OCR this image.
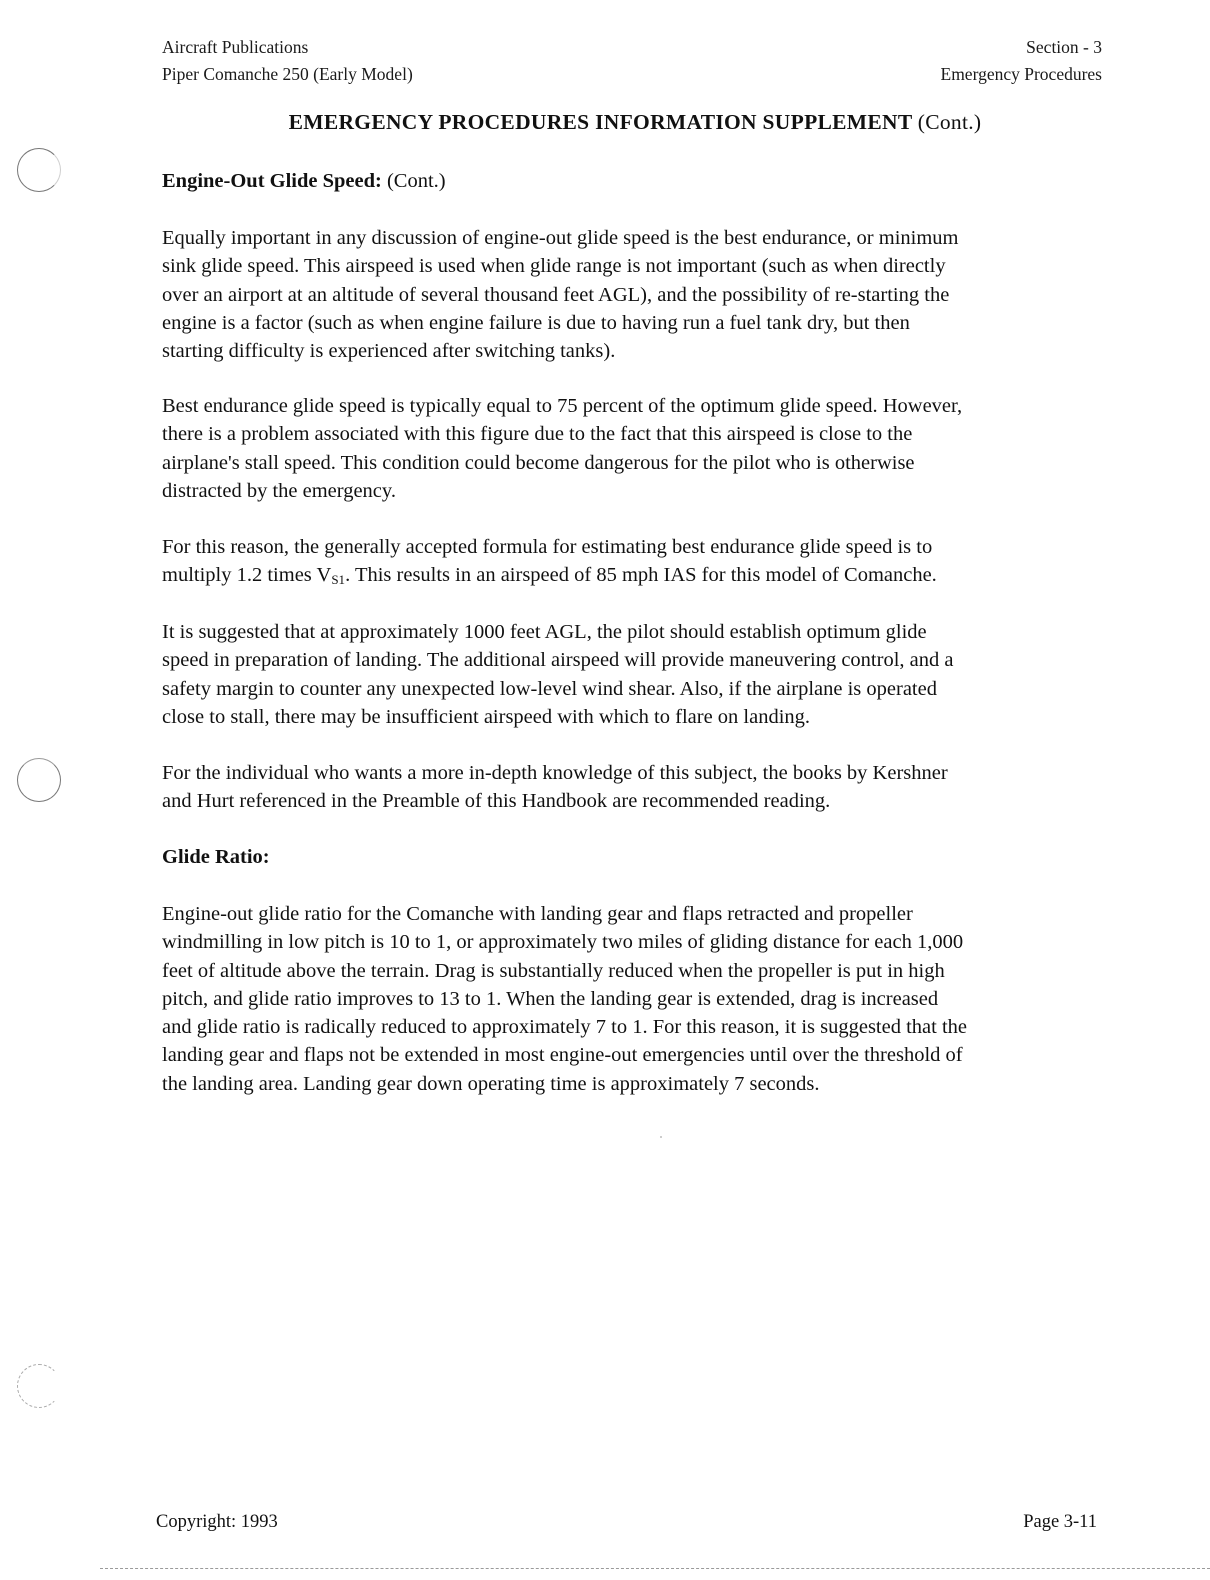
Aircraft Publications
Piper Comanche 250 (Early Model)
Section - 3
Emergency Procedures
EMERGENCY PROCEDURES INFORMATION SUPPLEMENT (Cont.)
Engine-Out Glide Speed: (Cont.)

Equally important in any discussion of engine-out glide speed is the best endurance, or minimum
sink glide speed. This airspeed is used when glide range is not important (such as when directly
over an airport at an altitude of several thousand feet AGL), and the possibility of re-starting the
engine is a factor (such as when engine failure is due to having run a fuel tank dry, but then
starting difficulty is experienced after switching tanks).

Best endurance glide speed is typically equal to 75 percent of the optimum glide speed. However,
there is a problem associated with this figure due to the fact that this airspeed is close to the
airplane's stall speed. This condition could become dangerous for the pilot who is otherwise
distracted by the emergency.

For this reason, the generally accepted formula for estimating best endurance glide speed is to
multiply 1.2 times $V_{S1}$. This results in an airspeed of 85 mph IAS for this model of Comanche.

It is suggested that at approximately 1000 feet AGL, the pilot should establish optimum glide
speed in preparation of landing. The additional airspeed will provide maneuvering control, and a
safety margin to counter any unexpected low-level wind shear. Also, if the airplane is operated
close to stall, there may be insufficient airspeed with which to flare on landing.

For the individual who wants a more in-depth knowledge of this subject, the books by Kershner
and Hurt referenced in the Preamble of this Handbook are recommended reading.

Glide Ratio:

Engine-out glide ratio for the Comanche with landing gear and flaps retracted and propeller
windmilling in low pitch is 10 to 1, or approximately two miles of gliding distance for each 1,000
feet of altitude above the terrain. Drag is substantially reduced when the propeller is put in high
pitch, and glide ratio improves to 13 to 1. When the landing gear is extended, drag is increased
and glide ratio is radically reduced to approximately 7 to 1. For this reason, it is suggested that the
landing gear and flaps not be extended in most engine-out emergencies until over the threshold of
the landing area. Landing gear down operating time is approximately 7 seconds.

Copyright: 1993	Page 3-11
